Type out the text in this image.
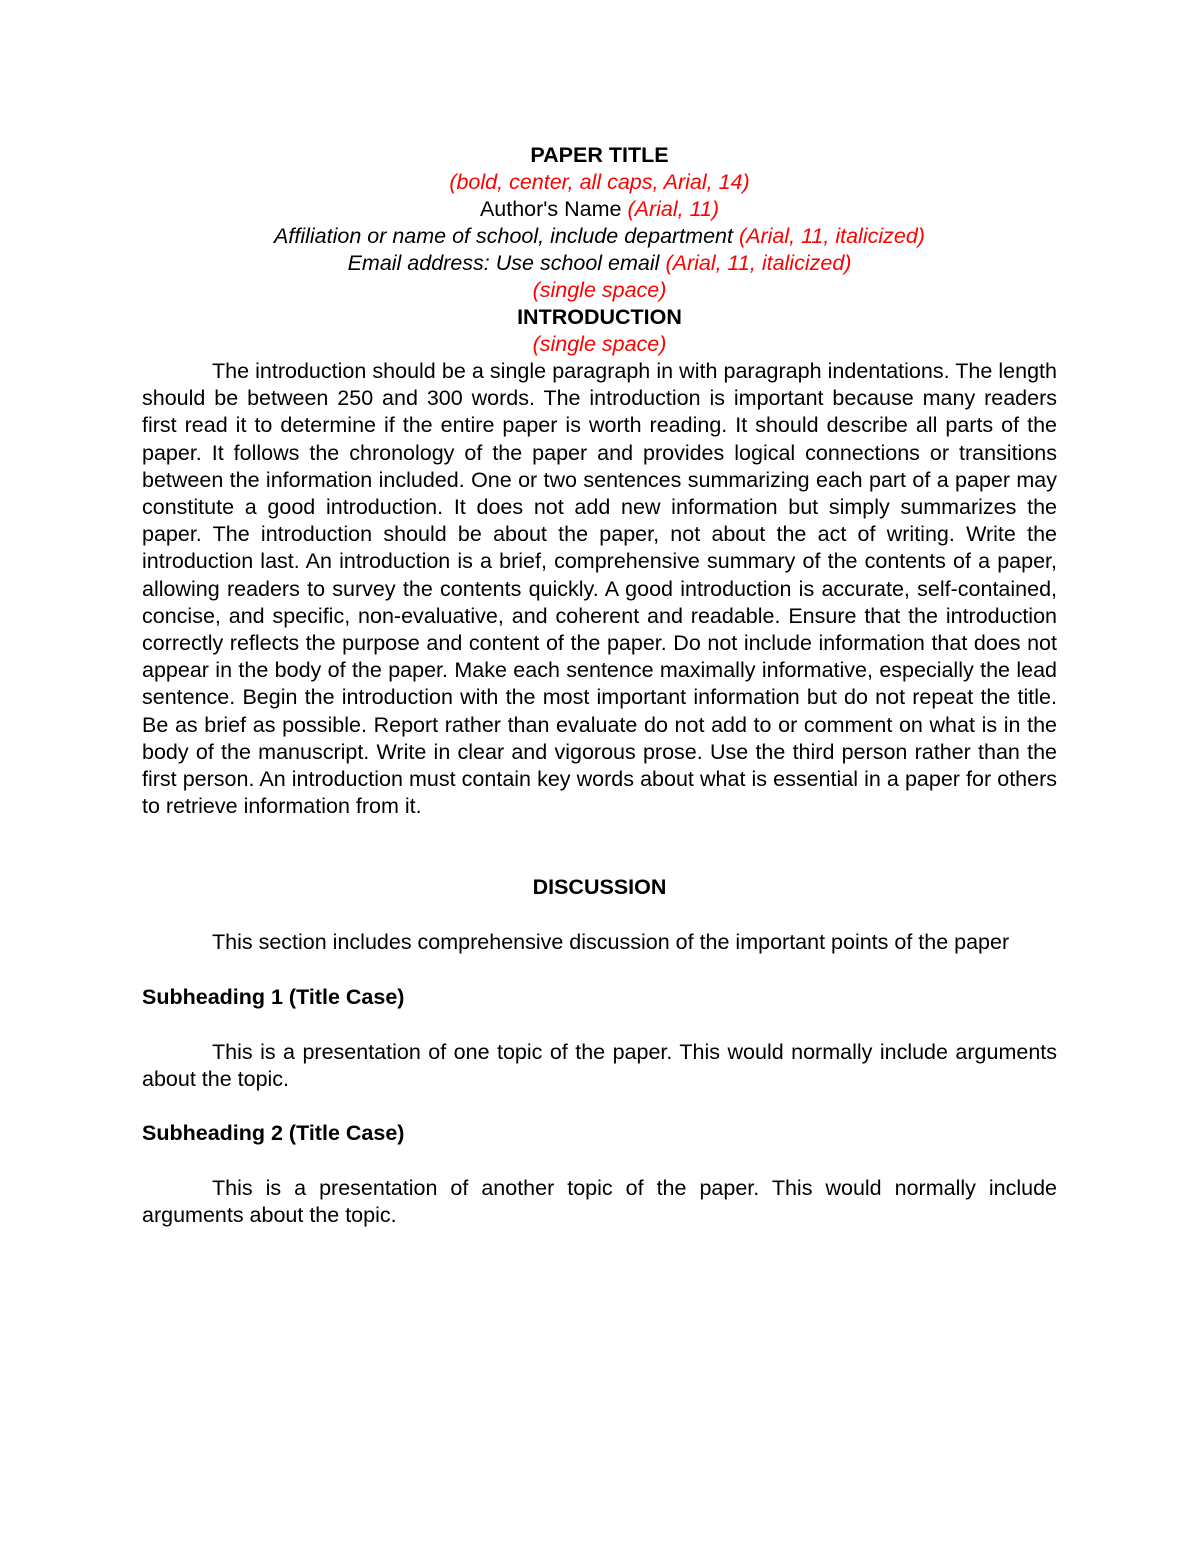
PAPER TITLE

(bold, center, all caps, Arial, 14)

Author's Name (Arial, 11)

Affiliation or name of school, include department (Arial, 11, italicized)

Email address: Use school email (Arial, 11, italicized)

(single space)

INTRODUCTION

(single space)

The introduction should be a single paragraph in with paragraph indentations. The length should be between 250 and 300 words. The introduction is important because many readers first read it to determine if the entire paper is worth reading. It should describe all parts of the paper. It follows the chronology of the paper and provides logical connections or transitions between the information included. One or two sentences summarizing each part of a paper may constitute a good introduction. It does not add new information but simply summarizes the paper. The introduction should be about the paper, not about the act of writing. Write the introduction last. An introduction is a brief, comprehensive summary of the contents of a paper, allowing readers to survey the contents quickly. A good introduction is accurate, self-contained, concise, and specific, non-evaluative, and coherent and readable. Ensure that the introduction correctly reflects the purpose and content of the paper. Do not include information that does not appear in the body of the paper. Make each sentence maximally informative, especially the lead sentence. Begin the introduction with the most important information but do not repeat the title. Be as brief as possible. Report rather than evaluate do not add to or comment on what is in the body of the manuscript. Write in clear and vigorous prose. Use the third person rather than the first person. An introduction must contain key words about what is essential in a paper for others to retrieve information from it.

DISCUSSION

This section includes comprehensive discussion of the important points of the paper

Subheading 1 (Title Case)

This is a presentation of one topic of the paper. This would normally include arguments about the topic.

Subheading 2 (Title Case)

This is a presentation of another topic of the paper. This would normally include arguments about the topic.
